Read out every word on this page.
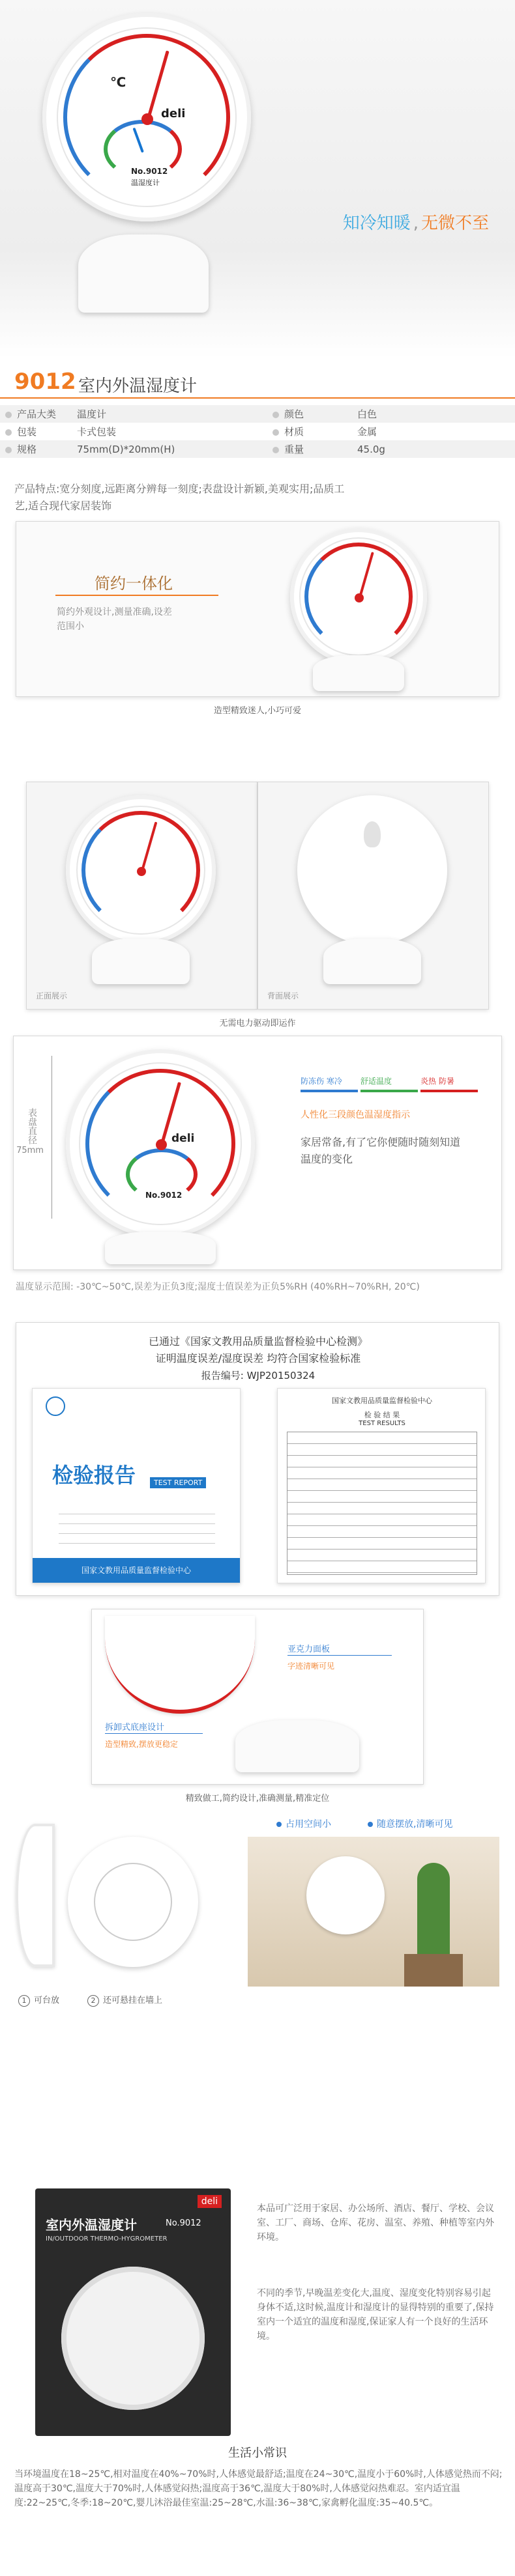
℃
deli
No.9012
温湿度计
知冷知暖 , 无微不至
9012 室内外温湿度计
产品大类	温度计	颜色	白色
包装	卡式包装	材质	金属
规格	75mm(D)*20mm(H)	重量	45.0g
产品特点:宽分刻度,远距离分辨每一刻度;表盘设计新颖,美观实用;品质工艺,适合现代家居装饰
简约一体化
简约外观设计,测量准确,设差范围小
造型精致迷人,小巧可爱
正面展示	背面展示
无需电力驱动即运作
表盘直径
75mm
deli
No.9012
防冻伤 寒冷 舒适温度	炎热 防暑
人性化三段颜色温湿度指示
家居常备,有了它你便随时随刻知道温度的变化
温度显示范围: -30℃~50℃,误差为正负3度;湿度士值误差为正负5%RH (40%RH~70%RH, 20℃)
已通过《国家文教用品质量监督检验中心检测》
证明温度误差/湿度误差 均符合国家检验标准
报告编号: WJP20150324
检验报告	TEST REPORT
国家文教用品质量监督检验中心
国家文教用品质量监督检验中心
检 验 结 果
TEST RESULTS
亚克力面板
字迹清晰可见
拆卸式底座设计
造型精致,摆放更稳定
精致做工,简约设计,准确测量,精准定位
1 可台放	2 还可悬挂在墙上
占用空间小	随意摆放,清晰可见
deli
室内外温湿度计	No.9012
IN/OUTDOOR THERMO-HYGROMETER
本品可广泛用于家居、办公场所、酒店、餐厅、学校、会议室、工厂、商场、仓库、花房、温室、养殖、种植等室内外环境。
不同的季节,早晚温差变化大,温度、湿度变化特别容易引起身体不适,这时候,温度计和湿度计的显得特别的重要了,保持室内一个适宜的温度和湿度,保证家人有一个良好的生活环境。
生活小常识
当环境温度在18~25℃,相对温度在40%~70%时,人体感觉最舒适;温度在24~30℃,温度小于60%时,人体感觉热而不闷;温度高于30℃,温度大于70%时,人体感觉闷热;温度高于36℃,温度大于80%时,人体感觉闷热难忍。室内适宜温度:22~25℃,冬季:18~20℃,婴儿沐浴最佳室温:25~28℃,水温:36~38℃,家禽孵化温度:35~40.5℃。
